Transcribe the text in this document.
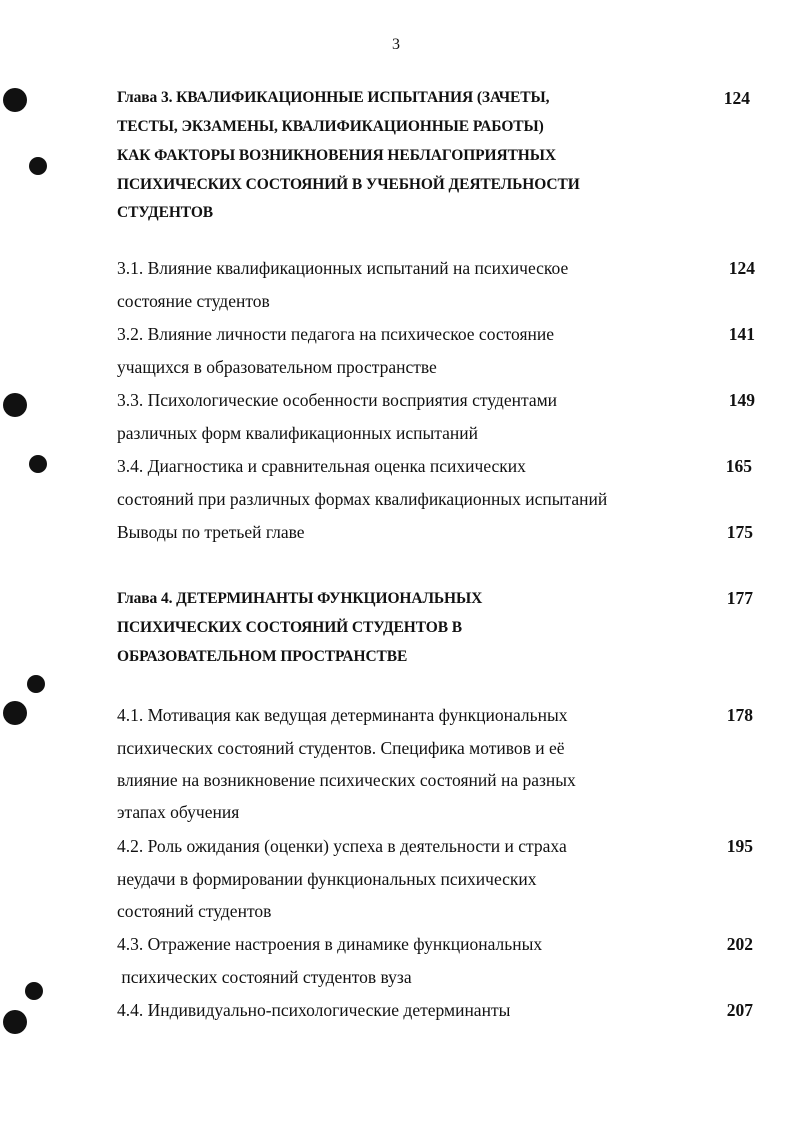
3
Глава 3. КВАЛИФИКАЦИОННЫЕ ИСПЫТАНИЯ (ЗАЧЕТЫ,
ТЕСТЫ, ЭКЗАМЕНЫ, КВАЛИФИКАЦИОННЫЕ РАБОТЫ)
КАК ФАКТОРЫ ВОЗНИКНОВЕНИЯ НЕБЛАГОПРИЯТНЫХ
ПСИХИЧЕСКИХ СОСТОЯНИЙ В УЧЕБНОЙ ДЕЯТЕЛЬНОСТИ
СТУДЕНТОВ
124
3.1. Влияние квалификационных испытаний на психическое
состояние студентов
124
3.2. Влияние личности педагога на психическое состояние
учащихся в образовательном пространстве
141
3.3. Психологические особенности восприятия студентами
различных форм квалификационных испытаний
149
3.4. Диагностика и сравнительная оценка психических
состояний при различных формах квалификационных испытаний
165
Выводы по третьей главе	175
Глава 4. ДЕТЕРМИНАНТЫ ФУНКЦИОНАЛЬНЫХ
ПСИХИЧЕСКИХ СОСТОЯНИЙ СТУДЕНТОВ В
ОБРАЗОВАТЕЛЬНОМ ПРОСТРАНСТВЕ
177
4.1. Мотивация как ведущая детерминанта функциональных
психических состояний студентов. Специфика мотивов и её
влияние на возникновение психических состояний на разных
этапах обучения
178
4.2. Роль ожидания (оценки) успеха в деятельности и страха
неудачи в формировании функциональных психических
состояний студентов
195
4.3. Отражение настроения в динамике функциональных
психических состояний студентов вуза
202
4.4. Индивидуально-психологические детерминанты	207
